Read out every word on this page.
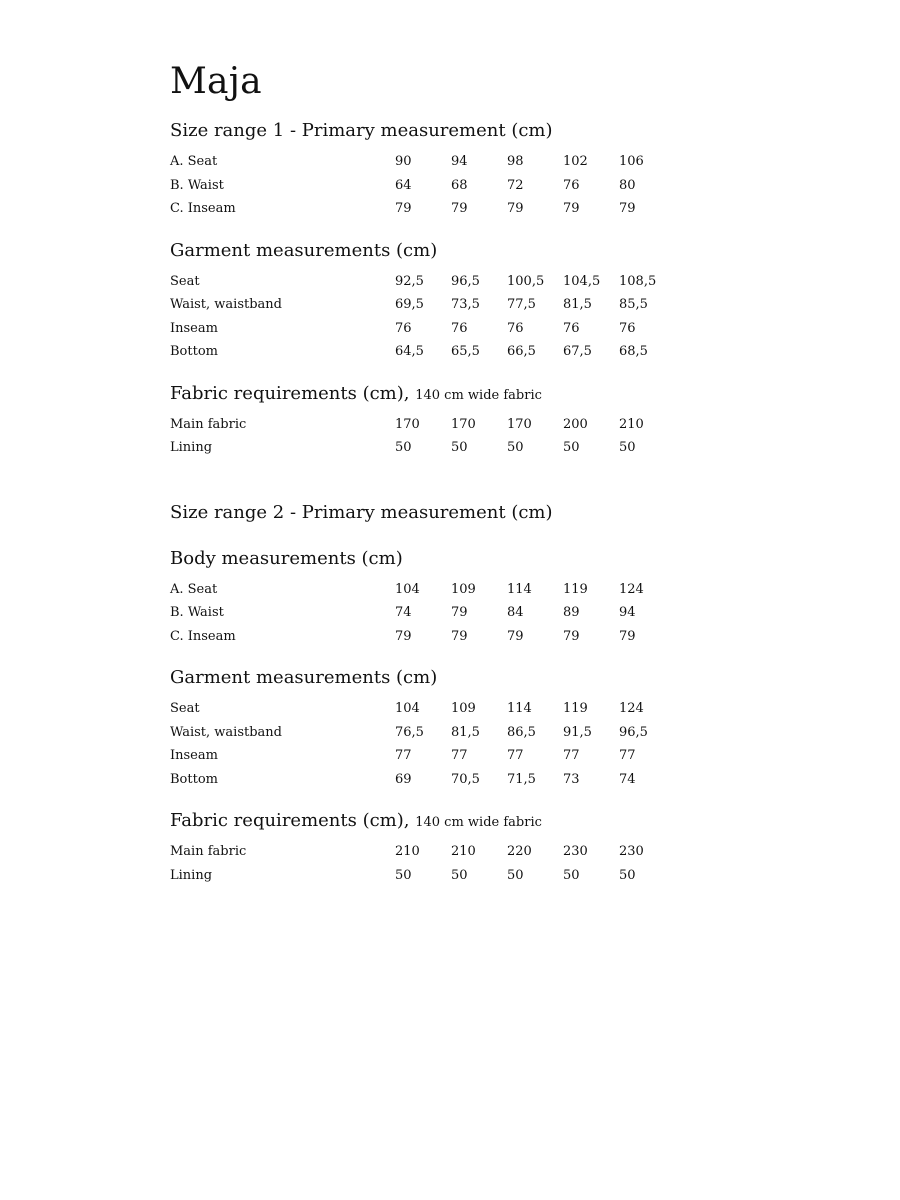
Maja
Size range 1 - Primary measurement (cm)
A. Seat	90	94	98	102	106
B. Waist	64	68	72	76	80
C. Inseam	79	79	79	79	79
Garment measurements (cm)
Seat	92,5	96,5	100,5	104,5	108,5
Waist, waistband	69,5	73,5	77,5	81,5	85,5
Inseam	76	76	76	76	76
Bottom	64,5	65,5	66,5	67,5	68,5
Fabric requirements (cm), 140 cm wide fabric
Main fabric	170	170	170	200	210
Lining	50	50	50	50	50
Size range 2 - Primary measurement (cm)
Body measurements (cm)
A. Seat	104	109	114	119	124
B. Waist	74	79	84	89	94
C. Inseam	79	79	79	79	79
Garment measurements (cm)
Seat	104	109	114	119	124
Waist, waistband	76,5	81,5	86,5	91,5	96,5
Inseam	77	77	77	77	77
Bottom	69	70,5	71,5	73	74
Fabric requirements (cm), 140 cm wide fabric
Main fabric	210	210	220	230	230
Lining	50	50	50	50	50
